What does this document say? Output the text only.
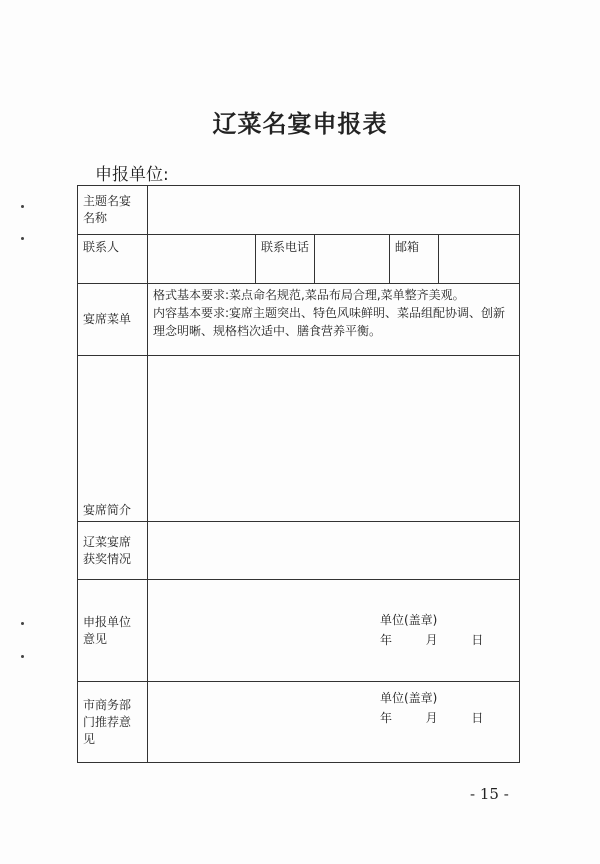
辽菜名宴申报表
申报单位:
主题名宴名称					
联系人		联系电话		邮箱	
宴席菜单	格式基本要求:菜点命名规范,菜品布局合理,菜单整齐美观。
内容基本要求:宴席主题突出、特色风味鲜明、菜品组配协调、创新理念明晰、规格档次适中、膳食营养平衡。				

宴席简介					
辽菜宴席获奖情况					
申报单位意见	单位(盖章)
年 月 日				

市商务部门推荐意见	单位(盖章)
年 月 日				
- 15 -
